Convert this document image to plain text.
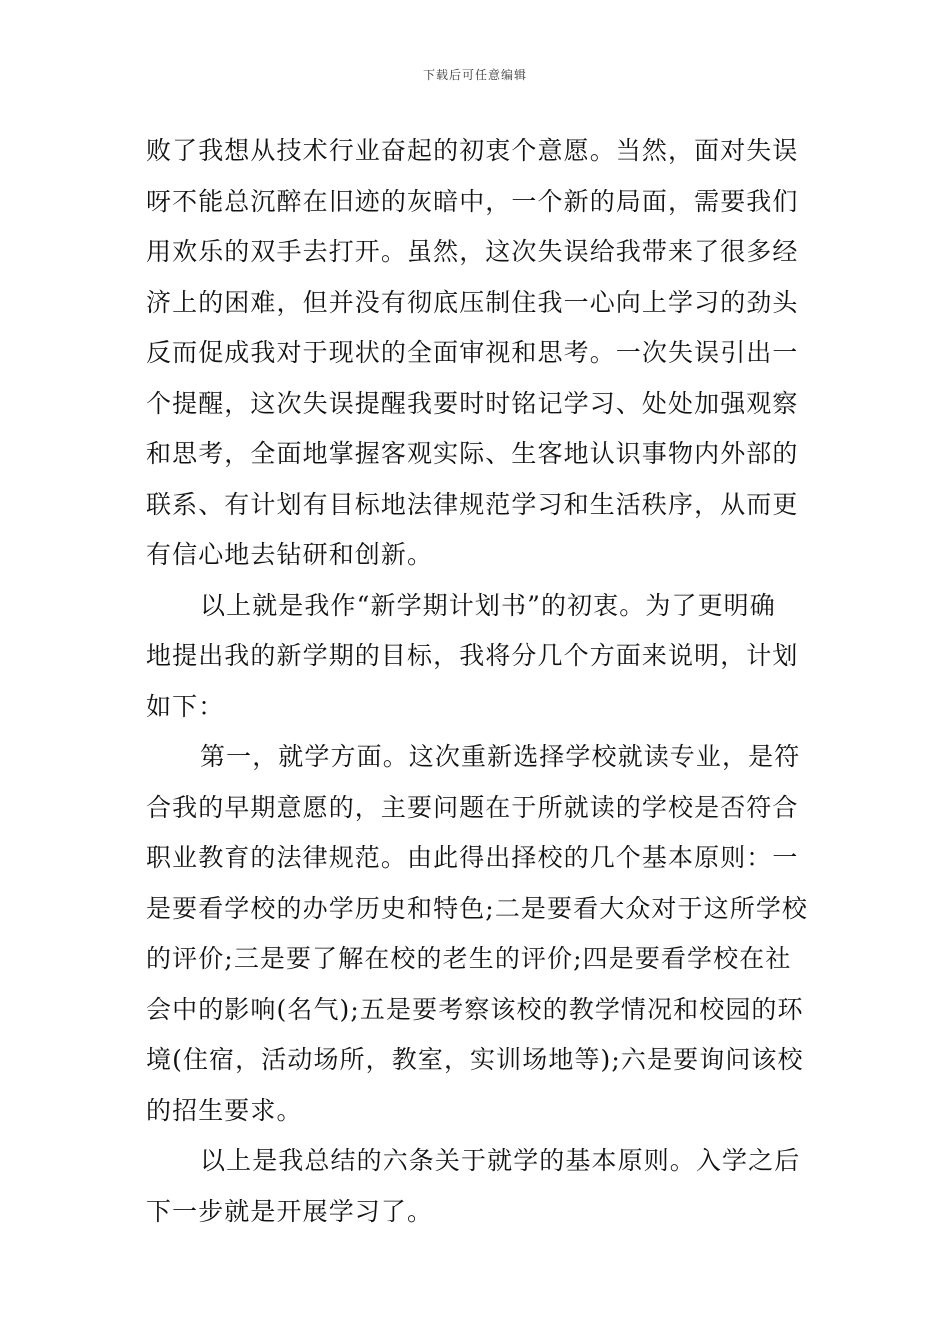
下载后可任意编辑
败了我想从技术行业奋起的初衷个意愿。当然，面对失误
呀不能总沉醉在旧迹的灰暗中，一个新的局面，需要我们
用欢乐的双手去打开。虽然，这次失误给我带来了很多经
济上的困难，但并没有彻底压制住我一心向上学习的劲头
反而促成我对于现状的全面审视和思考。一次失误引出一
个提醒，这次失误提醒我要时时铭记学习、处处加强观察
和思考，全面地掌握客观实际、生客地认识事物内外部的
联系、有计划有目标地法律规范学习和生活秩序，从而更
有信心地去钻研和创新。
以上就是我作“新学期计划书”的初衷。为了更明确
地提出我的新学期的目标，我将分几个方面来说明，计划
如下：
第一，就学方面。这次重新选择学校就读专业，是符
合我的早期意愿的，主要问题在于所就读的学校是否符合
职业教育的法律规范。由此得出择校的几个基本原则：一
是要看学校的办学历史和特色;二是要看大众对于这所学校
的评价;三是要了解在校的老生的评价;四是要看学校在社
会中的影响(名气);五是要考察该校的教学情况和校园的环
境(住宿，活动场所，教室，实训场地等);六是要询问该校
的招生要求。
以上是我总结的六条关于就学的基本原则。入学之后
下一步就是开展学习了。
